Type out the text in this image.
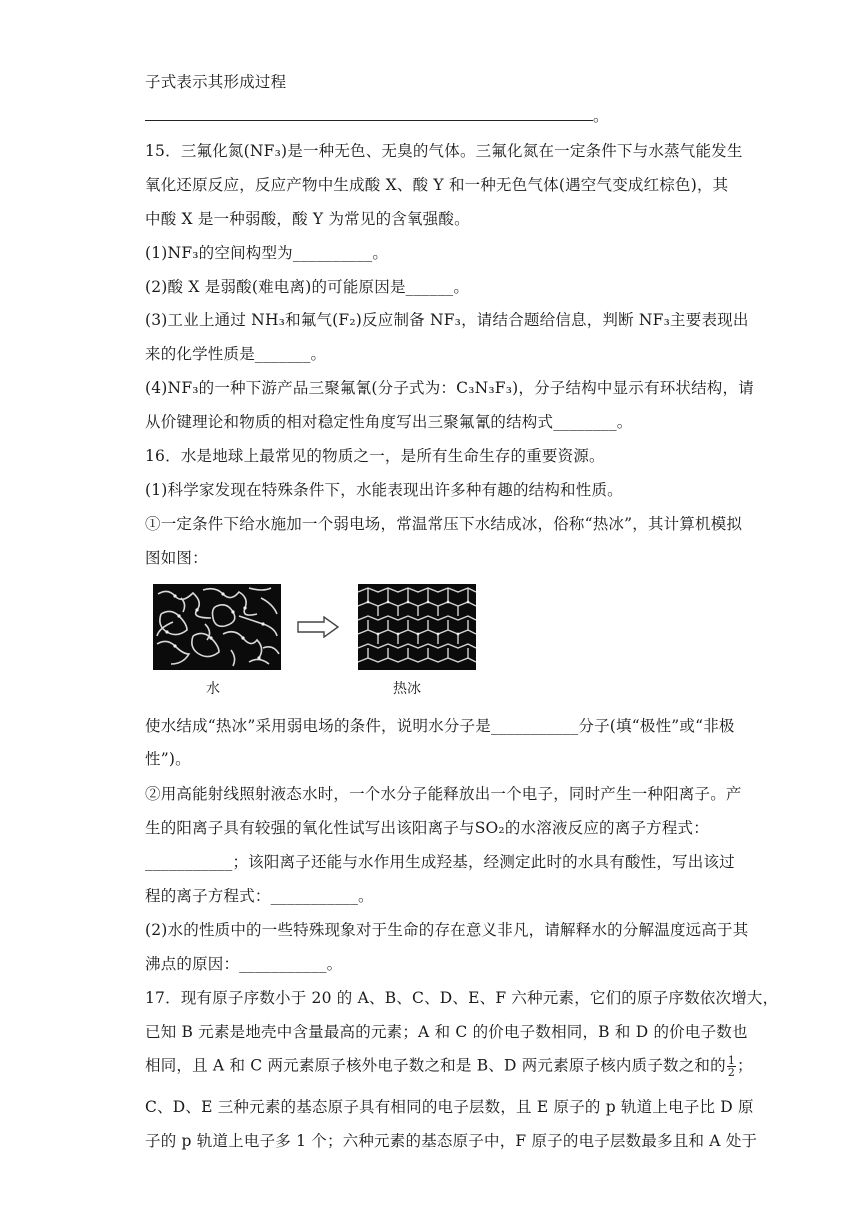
子式表示其形成过程
。
15．三氟化氮(NF₃)是一种无色、无臭的气体。三氟化氮在一定条件下与水蒸气能发生
氧化还原反应，反应产物中生成酸 X、酸 Y 和一种无色气体(遇空气变成红棕色)，其
中酸 X 是一种弱酸，酸 Y 为常见的含氧强酸。
(1)NF₃的空间构型为__________。
(2)酸 X 是弱酸(难电离)的可能原因是______。
(3)工业上通过 NH₃和氟气(F₂)反应制备 NF₃，请结合题给信息，判断 NF₃主要表现出
来的化学性质是_______。
(4)NF₃的一种下游产品三聚氟氰(分子式为：C₃N₃F₃)，分子结构中显示有环状结构，请
从价键理论和物质的相对稳定性角度写出三聚氟氰的结构式________。
16．水是地球上最常见的物质之一，是所有生命生存的重要资源。
(1)科学家发现在特殊条件下，水能表现出许多种有趣的结构和性质。
①一定条件下给水施加一个弱电场，常温常压下水结成冰，俗称“热冰”，其计算机模拟
图如图：
水	热冰
使水结成“热冰”采用弱电场的条件，说明水分子是___________分子(填“极性”或“非极
性”)。
②用高能射线照射液态水时，一个水分子能释放出一个电子，同时产生一种阳离子。产
生的阳离子具有较强的氧化性试写出该阳离子与SO₂的水溶液反应的离子方程式：
___________；该阳离子还能与水作用生成羟基，经测定此时的水具有酸性，写出该过
程的离子方程式：___________。
(2)水的性质中的一些特殊现象对于生命的存在意义非凡，请解释水的分解温度远高于其
沸点的原因：___________。
17．现有原子序数小于 20 的 A、B、C、D、E、F 六种元素，它们的原子序数依次增大，
已知 B 元素是地壳中含量最高的元素；A 和 C 的价电子数相同，B 和 D 的价电子数也
相同，且 A 和 C 两元素原子核外电子数之和是 B、D 两元素原子核内质子数之和的 $\frac{1}{2}$ ；
C、D、E 三种元素的基态原子具有相同的电子层数，且 E 原子的 p 轨道上电子比 D 原
子的 p 轨道上电子多 1 个；六种元素的基态原子中，F 原子的电子层数最多且和 A 处于
